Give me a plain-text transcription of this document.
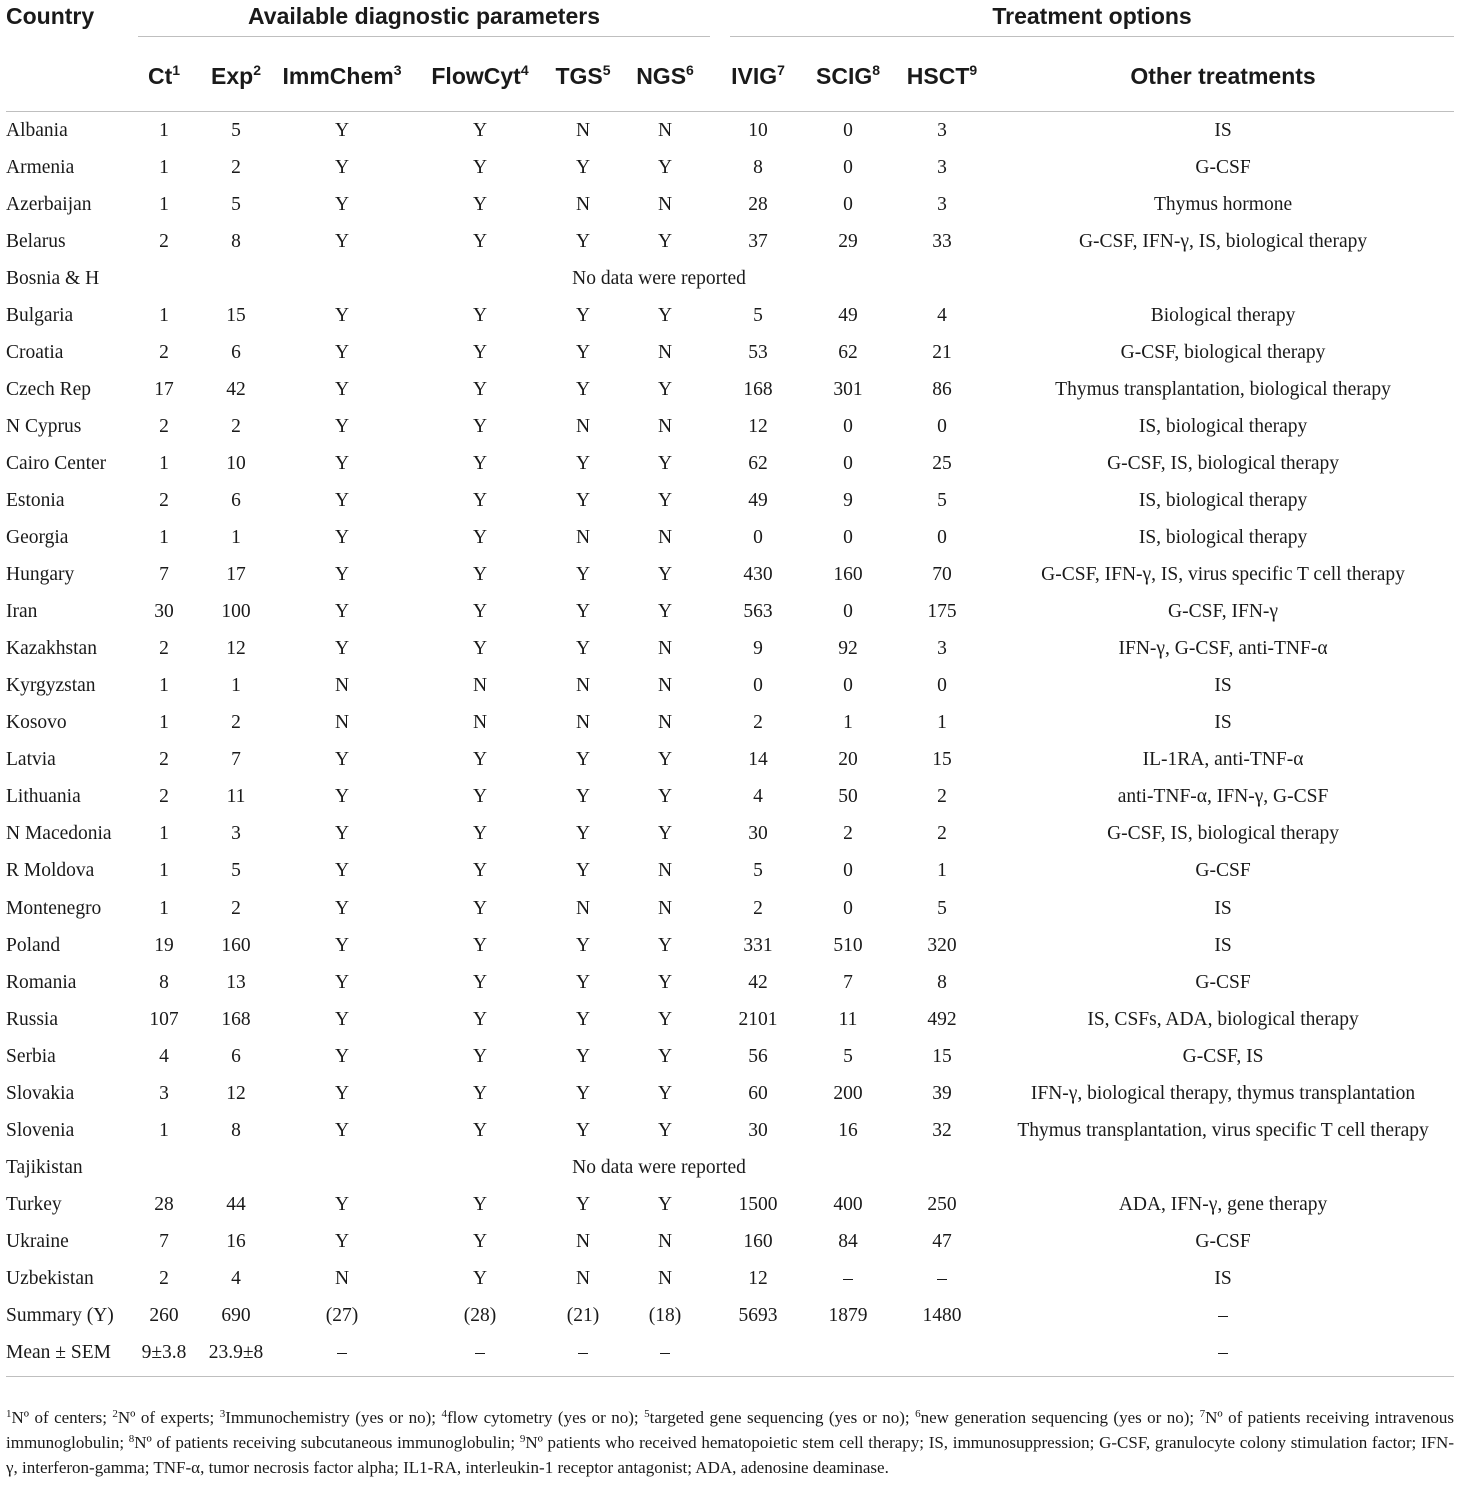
Country	Available diagnostic parameters						Treatment options			

	Ct$^1$	Exp$^2$	ImmChem$^3$	FlowCyt$^4$	TGS$^5$	NGS$^6$	IVIG$^7$	SCIG$^8$	HSCT$^9$	Other treatments
Albania	1	5	Y	Y	N	N	10	0	3	IS
Armenia	1	2	Y	Y	Y	Y	8	0	3	G-CSF
Azerbaijan	1	5	Y	Y	N	N	28	0	3	Thymus hormone
Belarus	2	8	Y	Y	Y	Y	37	29	33	G-CSF, IFN-γ, IS, biological therapy
Bosnia & H	No data were reported									
Bulgaria	1	15	Y	Y	Y	Y	5	49	4	Biological therapy
Croatia	2	6	Y	Y	Y	N	53	62	21	G-CSF, biological therapy
Czech Rep	17	42	Y	Y	Y	Y	168	301	86	Thymus transplantation, biological therapy
N Cyprus	2	2	Y	Y	N	N	12	0	0	IS, biological therapy
Cairo Center	1	10	Y	Y	Y	Y	62	0	25	G-CSF, IS, biological therapy
Estonia	2	6	Y	Y	Y	Y	49	9	5	IS, biological therapy
Georgia	1	1	Y	Y	N	N	0	0	0	IS, biological therapy
Hungary	7	17	Y	Y	Y	Y	430	160	70	G-CSF, IFN-γ, IS, virus specific T cell therapy
Iran	30	100	Y	Y	Y	Y	563	0	175	G-CSF, IFN-γ
Kazakhstan	2	12	Y	Y	Y	N	9	92	3	IFN-γ, G-CSF, anti-TNF-α
Kyrgyzstan	1	1	N	N	N	N	0	0	0	IS
Kosovo	1	2	N	N	N	N	2	1	1	IS
Latvia	2	7	Y	Y	Y	Y	14	20	15	IL-1RA, anti-TNF-α
Lithuania	2	11	Y	Y	Y	Y	4	50	2	anti-TNF-α, IFN-γ, G-CSF
N Macedonia	1	3	Y	Y	Y	Y	30	2	2	G-CSF, IS, biological therapy
R Moldova	1	5	Y	Y	Y	N	5	0	1	G-CSF
Montenegro	1	2	Y	Y	N	N	2	0	5	IS
Poland	19	160	Y	Y	Y	Y	331	510	320	IS
Romania	8	13	Y	Y	Y	Y	42	7	8	G-CSF
Russia	107	168	Y	Y	Y	Y	2101	11	492	IS, CSFs, ADA, biological therapy
Serbia	4	6	Y	Y	Y	Y	56	5	15	G-CSF, IS
Slovakia	3	12	Y	Y	Y	Y	60	200	39	IFN-γ, biological therapy, thymus transplantation
Slovenia	1	8	Y	Y	Y	Y	30	16	32	Thymus transplantation, virus specific T cell therapy
Tajikistan	No data were reported									
Turkey	28	44	Y	Y	Y	Y	1500	400	250	ADA, IFN-γ, gene therapy
Ukraine	7	16	Y	Y	N	N	160	84	47	G-CSF
Uzbekistan	2	4	N	Y	N	N	12	–	–	IS
Summary (Y)	260	690	(27)	(28)	(21)	(18)	5693	1879	1480	–
Mean ± SEM	9±3.8	23.9±8	–	–	–	–				–
$^1$Nº of centers; $^2$Nº of experts; $^3$Immunochemistry (yes or no); $^4$flow cytometry (yes or no); $^5$targeted gene sequencing (yes or no); $^6$new generation sequencing (yes or no); $^7$Nº of patients receiving intravenous immunoglobulin; $^8$Nº of patients receiving subcutaneous immunoglobulin; $^9$Nº patients who received hematopoietic stem cell therapy; IS, immunosuppression; G-CSF, granulocyte colony stimulation factor; IFN- γ, interferon-gamma; TNF-α, tumor necrosis factor alpha; IL1-RA, interleukin-1 receptor antagonist; ADA, adenosine deaminase.
